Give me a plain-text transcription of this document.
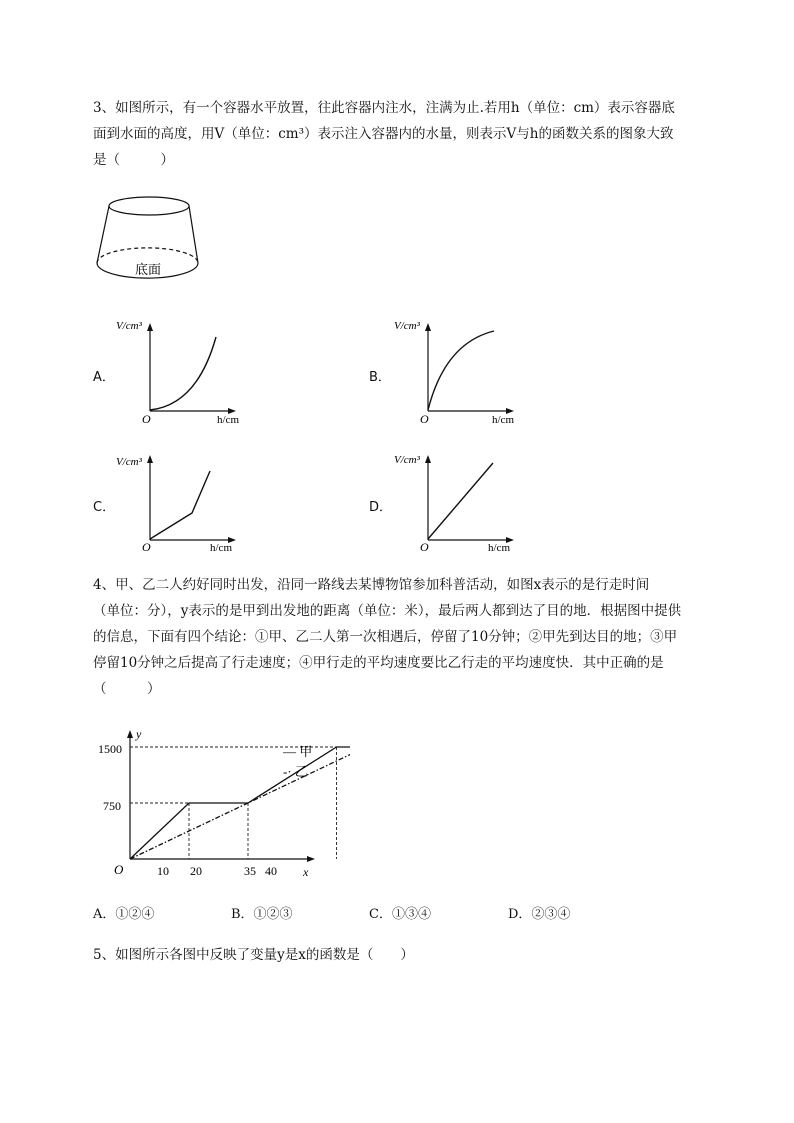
3、如图所示，有一个容器水平放置，往此容器内注水，注满为止.若用h（单位：cm）表示容器底

面到水面的高度，用V（单位：cm³）表示注入容器内的水量，则表示V与h的函数关系的图象大致

是（　　　）

底面
A．
V/cm³
O	h/cm
B．
V/cm³
O	h/cm
C．
V/cm³
O	h/cm
D．
V/cm³
O	h/cm

4、甲、乙二人约好同时出发，沿同一路线去某博物馆参加科普活动，如图x表示的是行走时间

（单位：分），y表示的是甲到出发地的距离（单位：米），最后两人都到达了目的地．根据图中提供

的信息，下面有四个结论：①甲、乙二人第一次相遇后，停留了10分钟；②甲先到达目的地；③甲

停留10分钟之后提高了行走速度；④甲行走的平均速度要比乙行走的平均速度快．其中正确的是

（　　　）

y
x
O
1500
750
10 20	35 40
— 甲
-· 乙
A．①②④	B．①②③	C．①③④	D．②③④

5、如图所示各图中反映了变量y是x的函数是（　　）
